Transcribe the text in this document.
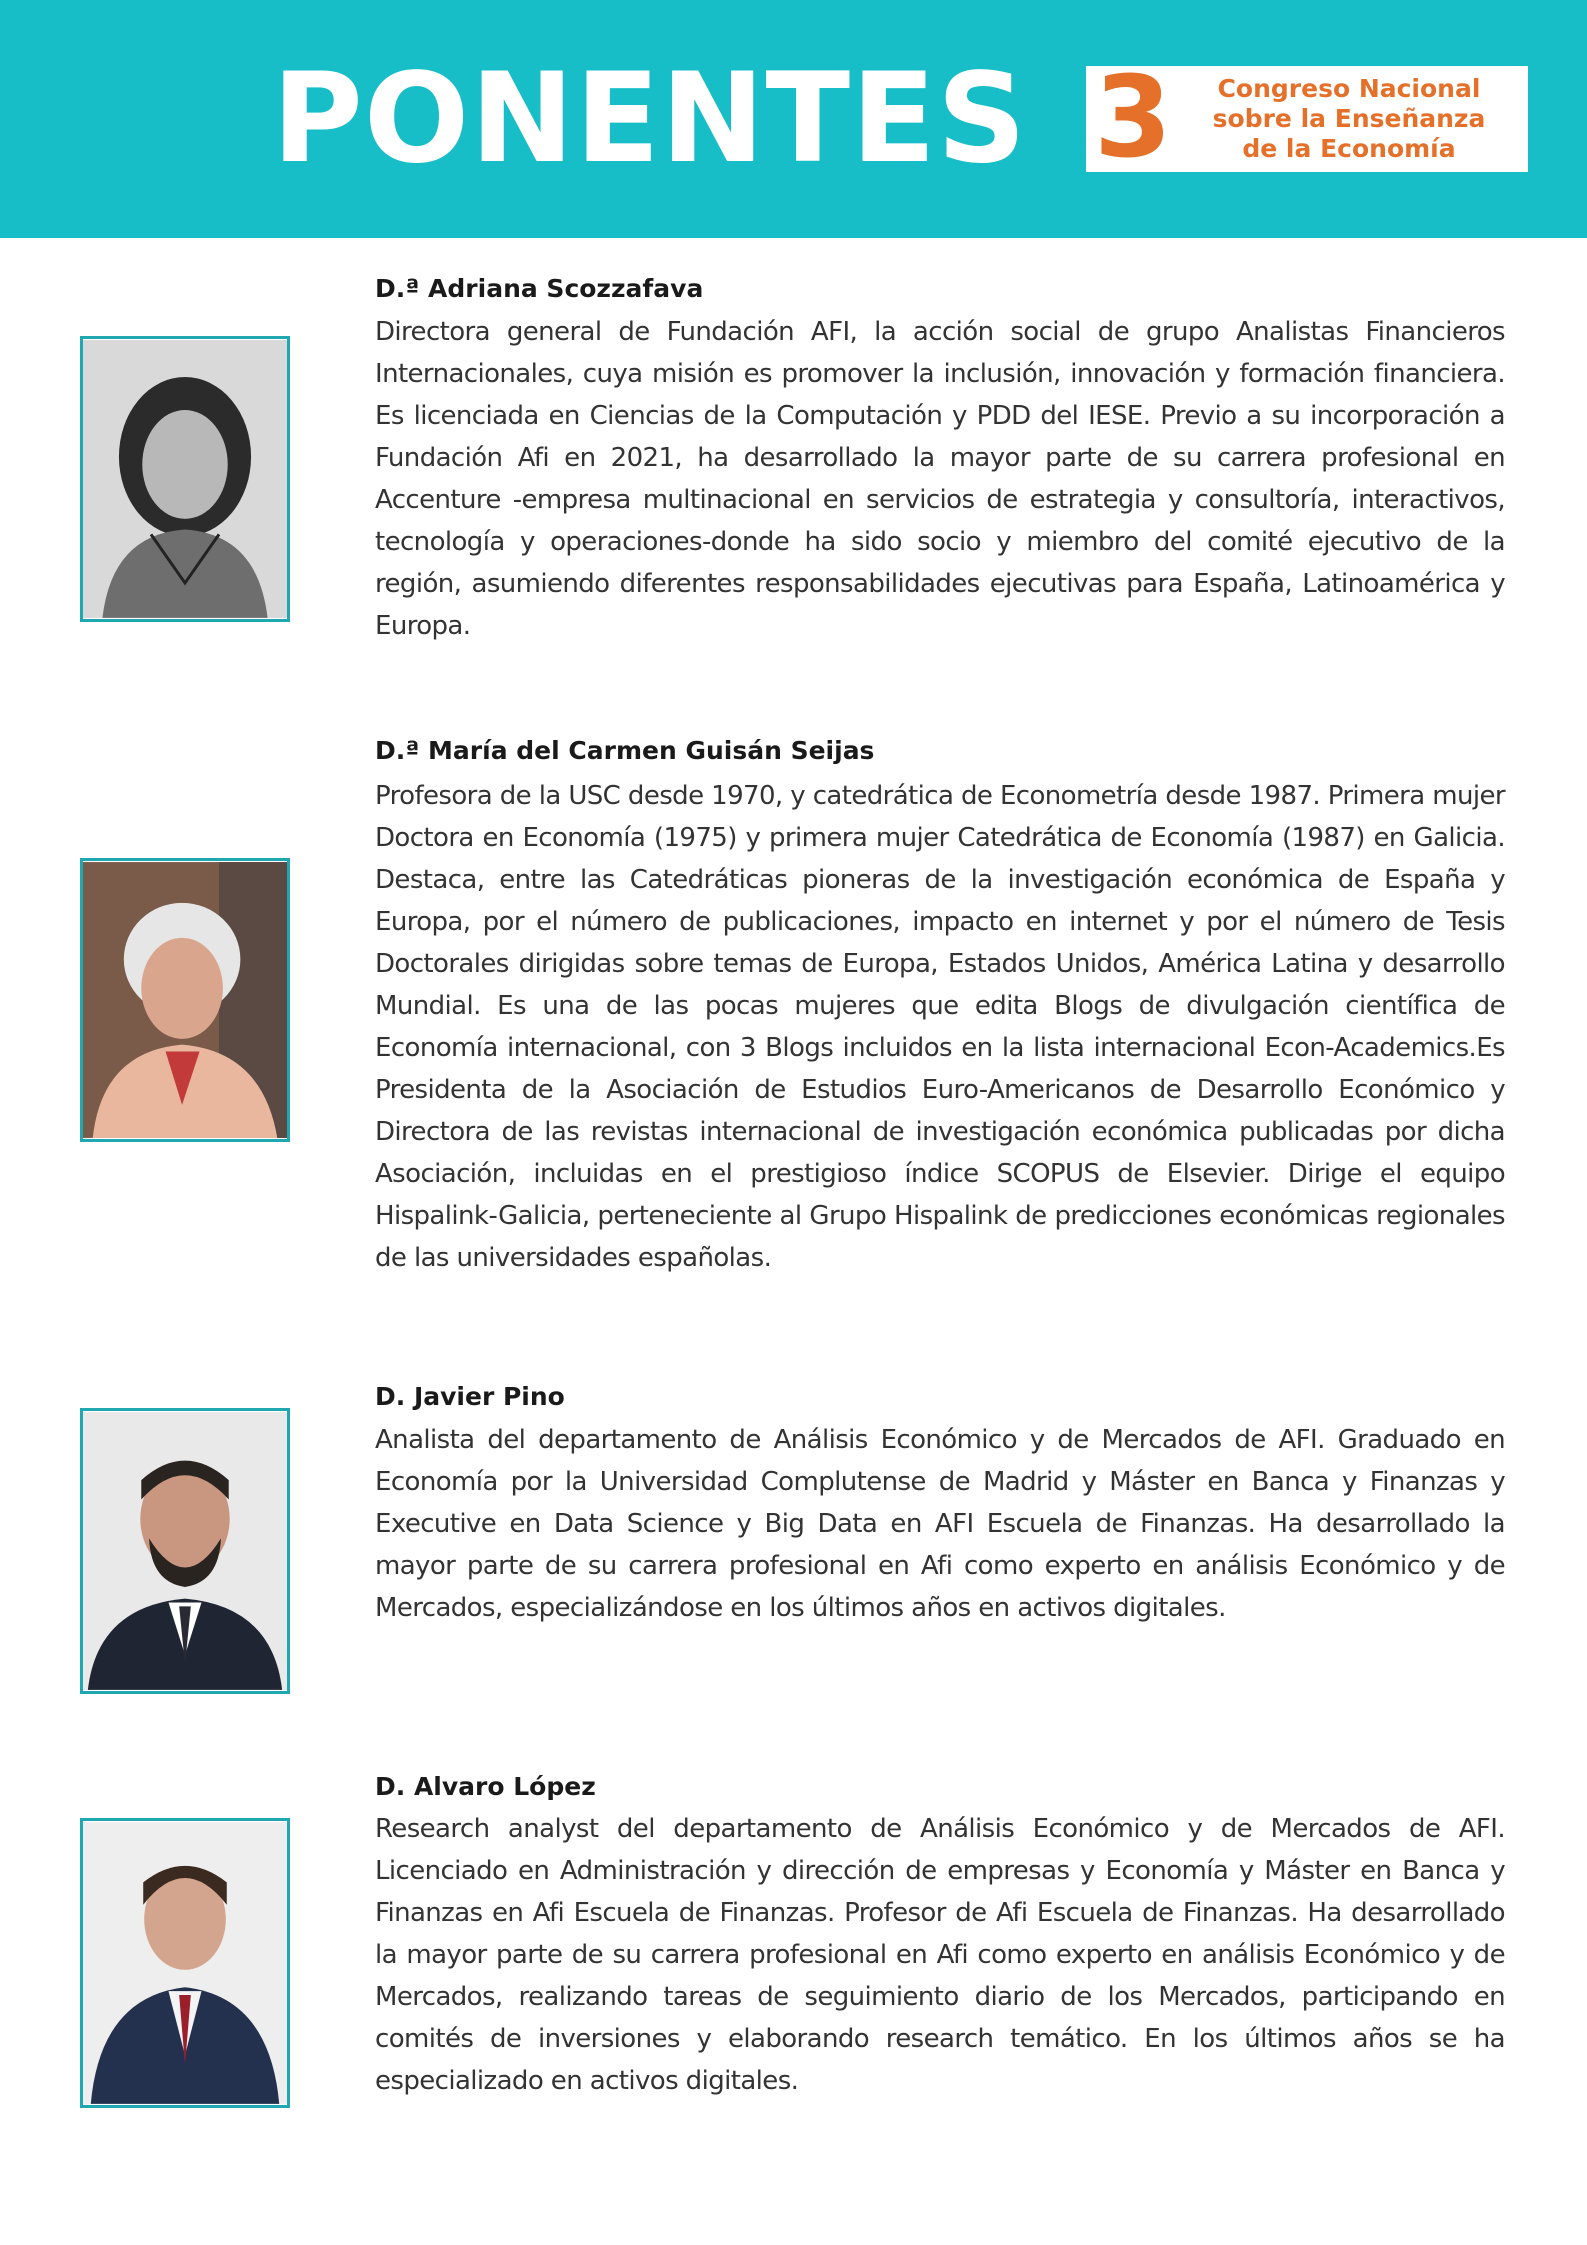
PONENTES 3	Congreso Nacional
sobre la Enseñanza
de la Economía
D.ª Adriana Scozzafava

Directora general de Fundación AFI, la acción social de grupo Analistas Financieros Internacionales, cuya misión es promover la inclusión, innovación y formación financiera. Es licenciada en Ciencias de la Computación y PDD del IESE. Previo a su incorporación a Fundación Afi en 2021, ha desarrollado la mayor parte de su carrera profesional en Accenture -empresa multinacional en servicios de estrategia y consultoría, interactivos, tecnología y operaciones-donde ha sido socio y miembro del comité ejecutivo de la región, asumiendo diferentes responsabilidades ejecutivas para España, Latinoamérica y Europa.

D.ª María del Carmen Guisán Seijas

Profesora de la USC desde 1970, y catedrática de Econometría desde 1987. Primera mujer Doctora en Economía (1975) y primera mujer Catedrática de Economía (1987) en Galicia. Destaca, entre las Catedráticas pioneras de la investigación económica de España y Europa, por el número de publicaciones, impacto en internet y por el número de Tesis Doctorales dirigidas sobre temas de Europa, Estados Unidos, América Latina y desarrollo Mundial. Es una de las pocas mujeres que edita Blogs de divulgación científica de Economía internacional, con 3 Blogs incluidos en la lista internacional Econ-Academics.Es Presidenta de la Asociación de Estudios Euro-Americanos de Desarrollo Económico y Directora de las revistas internacional de investigación económica publicadas por dicha Asociación, incluidas en el prestigioso índice SCOPUS de Elsevier. Dirige el equipo Hispalink-Galicia, perteneciente al Grupo Hispalink de predicciones económicas regionales de las universidades españolas.

D. Javier Pino

Analista del departamento de Análisis Económico y de Mercados de AFI. Graduado en Economía por la Universidad Complutense de Madrid y Máster en Banca y Finanzas y Executive en Data Science y Big Data en AFI Escuela de Finanzas. Ha desarrollado la mayor parte de su carrera profesional en Afi como experto en análisis Económico y de Mercados, especializándose en los últimos años en activos digitales.

D. Alvaro López

Research analyst del departamento de Análisis Económico y de Mercados de AFI. Licenciado en Administración y dirección de empresas y Economía y Máster en Banca y Finanzas en Afi Escuela de Finanzas. Profesor de Afi Escuela de Finanzas. Ha desarrollado la mayor parte de su carrera profesional en Afi como experto en análisis Económico y de Mercados, realizando tareas de seguimiento diario de los Mercados, participando en comités de inversiones y elaborando research temático. En los últimos años se ha especializado en activos digitales.
